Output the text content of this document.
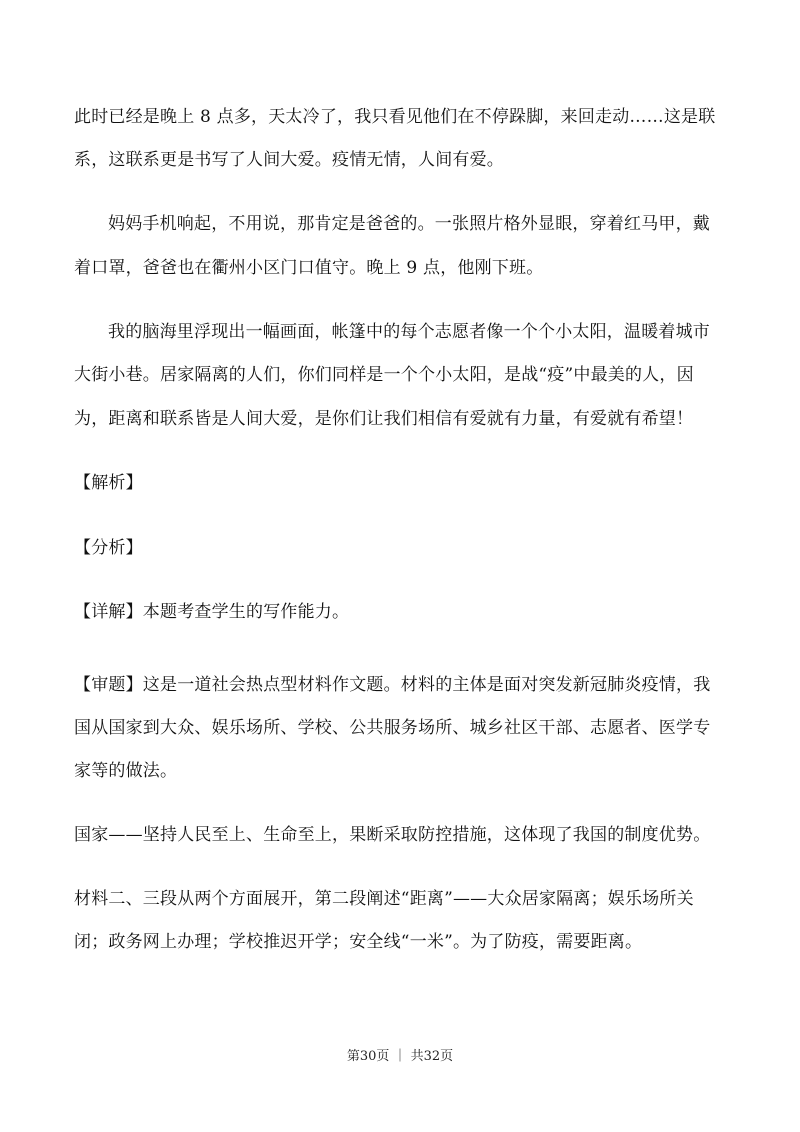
此时已经是晚上 8 点多，天太冷了，我只看见他们在不停跺脚，来回走动……这是联
系，这联系更是书写了人间大爱。疫情无情，人间有爱。
妈妈手机响起，不用说，那肯定是爸爸的。一张照片格外显眼，穿着红马甲，戴
着口罩，爸爸也在衢州小区门口值守。晚上 9 点，他刚下班。
我的脑海里浮现出一幅画面，帐篷中的每个志愿者像一个个小太阳，温暖着城市
大街小巷。居家隔离的人们，你们同样是一个个小太阳，是战“疫”中最美的人，因
为，距离和联系皆是人间大爱，是你们让我们相信有爱就有力量，有爱就有希望！
【解析】
【分析】
【详解】本题考查学生的写作能力。
【审题】这是一道社会热点型材料作文题。材料的主体是面对突发新冠肺炎疫情，我
国从国家到大众、娱乐场所、学校、公共服务场所、城乡社区干部、志愿者、医学专
家等的做法。
国家——坚持人民至上、生命至上，果断采取防控措施，这体现了我国的制度优势。
材料二、三段从两个方面展开，第二段阐述“距离”——大众居家隔离；娱乐场所关
闭；政务网上办理；学校推迟开学；安全线“一米”。为了防疫，需要距离。
第30页 ｜ 共32页
